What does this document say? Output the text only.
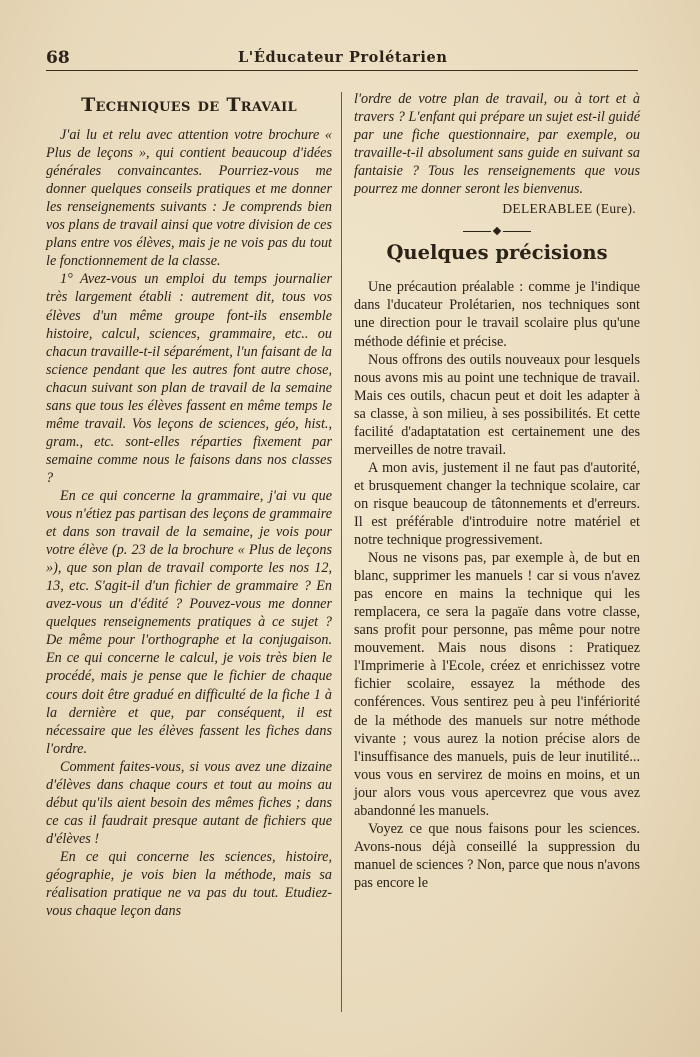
68	L'Éducateur Prolétarien
Techniques de Travail

J'ai lu et relu avec attention votre brochure « Plus de leçons », qui contient beaucoup d'idées générales convaincantes. Pourriez-vous me donner quelques conseils pratiques et me donner les renseignements suivants : Je comprends bien vos plans de travail ainsi que votre division de ces plans entre vos élèves, mais je ne vois pas du tout le fonctionnement de la classe.

1° Avez-vous un emploi du temps journalier très largement établi : autrement dit, tous vos élèves d'un même groupe font-ils ensemble histoire, calcul, sciences, grammaire, etc.. ou chacun travaille-t-il séparément, l'un faisant de la science pendant que les autres font autre chose, chacun suivant son plan de travail de la semaine sans que tous les élèves fassent en même temps le même travail. Vos leçons de sciences, géo, hist., gram., etc. sont-elles réparties fixement par semaine comme nous le faisons dans nos classes ?

En ce qui concerne la grammaire, j'ai vu que vous n'étiez pas partisan des leçons de grammaire et dans son travail de la semaine, je vois pour votre élève (p. 23 de la brochure « Plus de leçons »), que son plan de travail comporte les nos 12, 13, etc. S'agit-il d'un fichier de grammaire ? En avez-vous un d'édité ? Pouvez-vous me donner quelques renseignements pratiques à ce sujet ? De même pour l'orthographe et la conjugaison. En ce qui concerne le calcul, je vois très bien le procédé, mais je pense que le fichier de chaque cours doit être gradué en difficulté de la fiche 1 à la dernière et que, par conséquent, il est nécessaire que les élèves fassent les fiches dans l'ordre.

Comment faites-vous, si vous avez une dizaine d'élèves dans chaque cours et tout au moins au début qu'ils aient besoin des mêmes fiches ; dans ce cas il faudrait presque autant de fichiers que d'élèves !

En ce qui concerne les sciences, histoire, géographie, je vois bien la méthode, mais sa réalisation pratique ne va pas du tout. Etudiez-vous chaque leçon dans

l'ordre de votre plan de travail, ou à tort et à travers ? L'enfant qui prépare un sujet est-il guidé par une fiche questionnaire, par exemple, ou travaille-t-il absolument sans guide en suivant sa fantaisie ? Tous les renseignements que vous pourrez me donner seront les bienvenus.

DELERABLEE (Eure).
Quelques précisions

Une précaution préalable : comme je l'indique dans l'ducateur Prolétarien, nos techniques sont une direction pour le travail scolaire plus qu'une méthode définie et précise.

Nous offrons des outils nouveaux pour lesquels nous avons mis au point une technique de travail. Mais ces outils, chacun peut et doit les adapter à sa classe, à son milieu, à ses possibilités. Et cette facilité d'adaptatation est certainement une des merveilles de notre travail.

A mon avis, justement il ne faut pas d'autorité, et brusquement changer la technique scolaire, car on risque beaucoup de tâtonnements et d'erreurs. Il est préférable d'introduire notre matériel et notre technique progressivement.

Nous ne visons pas, par exemple à, de but en blanc, supprimer les manuels ! car si vous n'avez pas encore en mains la technique qui les remplacera, ce sera la pagaïe dans votre classe, sans profit pour personne, pas même pour notre mouvement. Mais nous disons : Pratiquez l'Imprimerie à l'Ecole, créez et enrichissez votre fichier scolaire, essayez la méthode des conférences. Vous sentirez peu à peu l'infériorité de la méthode des manuels sur notre méthode vivante ; vous aurez la notion précise alors de l'insuffisance des manuels, puis de leur inutilité... vous vous en servirez de moins en moins, et un jour alors vous vous apercevrez que vous avez abandonné les manuels.

Voyez ce que nous faisons pour les sciences. Avons-nous déjà conseillé la suppression du manuel de sciences ? Non, parce que nous n'avons pas encore le
